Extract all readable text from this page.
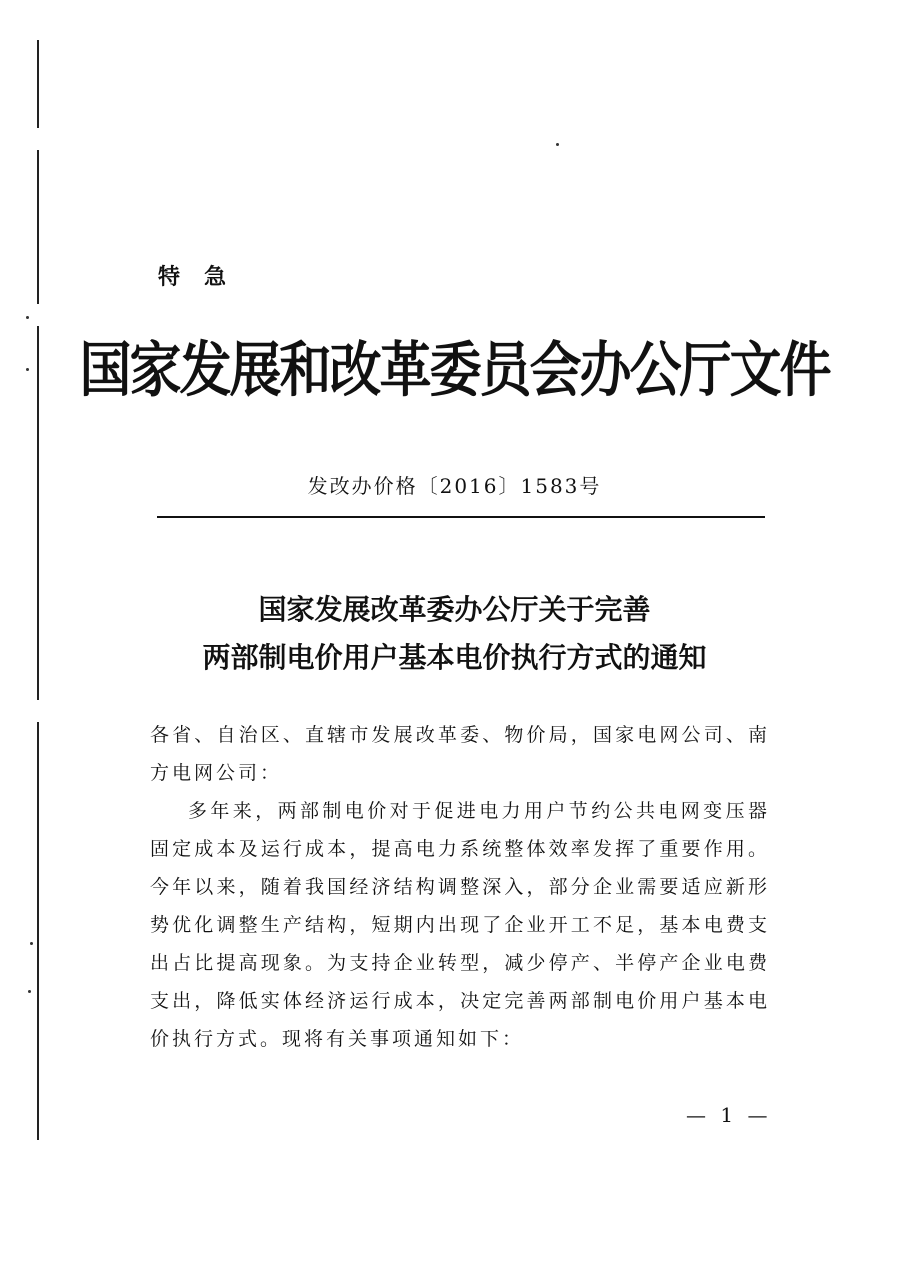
特急
国家发展和改革委员会办公厅文件
发改办价格〔2016〕1583号
国家发展改革委办公厅关于完善
两部制电价用户基本电价执行方式的通知

各省、自治区、直辖市发展改革委、物价局，国家电网公司、南方电网公司：

多年来，两部制电价对于促进电力用户节约公共电网变压器固定成本及运行成本，提高电力系统整体效率发挥了重要作用。今年以来，随着我国经济结构调整深入，部分企业需要适应新形势优化调整生产结构，短期内出现了企业开工不足，基本电费支出占比提高现象。为支持企业转型，减少停产、半停产企业电费支出，降低实体经济运行成本，决定完善两部制电价用户基本电价执行方式。现将有关事项通知如下：

— 1 —
